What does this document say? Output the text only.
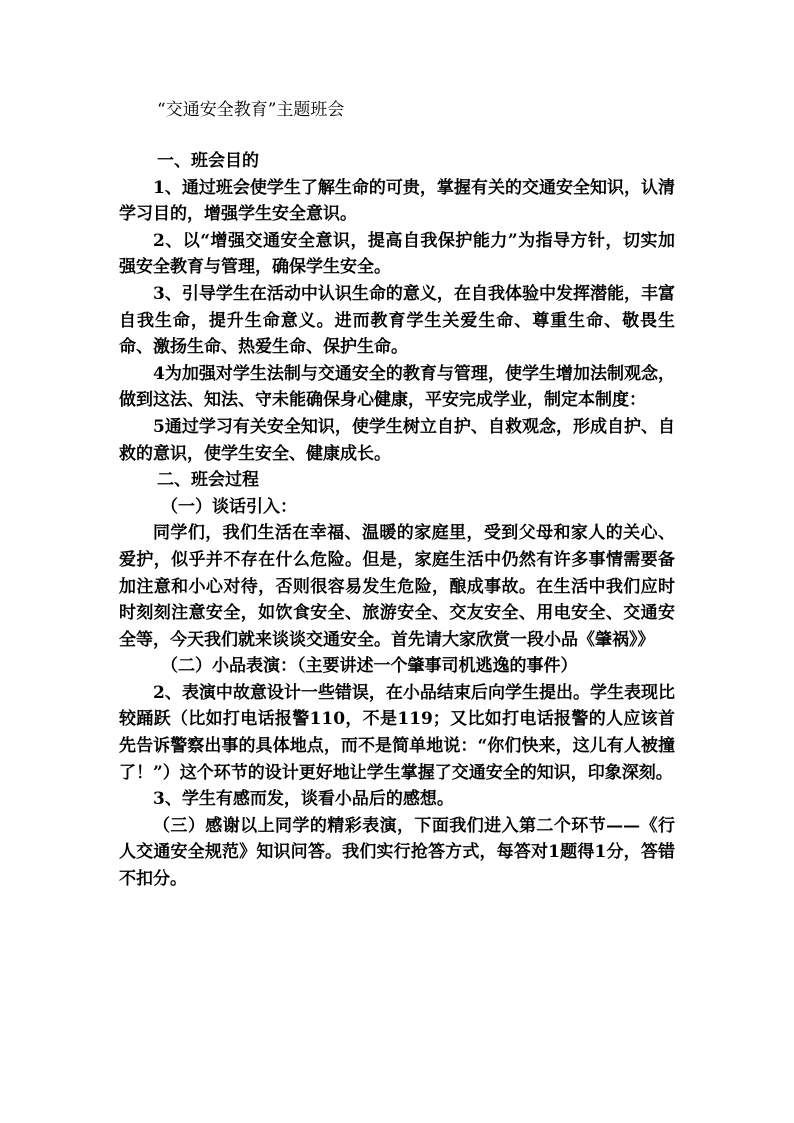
“交通安全教育”主题班会

一、班会目的

1、通过班会使学生了解生命的可贵，掌握有关的交通安全知识，认清学习目的，增强学生安全意识。

2、以“增强交通安全意识，提高自我保护能力”为指导方针，切实加强安全教育与管理，确保学生安全。

3、引导学生在活动中认识生命的意义，在自我体验中发挥潜能，丰富自我生命，提升生命意义。进而教育学生关爱生命、尊重生命、敬畏生命、激扬生命、热爱生命、保护生命。

4为加强对学生法制与交通安全的教育与管理，使学生增加法制观念，做到这法、知法、守未能确保身心健康，平安完成学业，制定本制度：

5通过学习有关安全知识，使学生树立自护、自救观念，形成自护、自救的意识，使学生安全、健康成长。

二、班会过程

（一）谈话引入：

同学们，我们生活在幸福、温暖的家庭里，受到父母和家人的关心、爱护，似乎并不存在什么危险。但是，家庭生活中仍然有许多事情需要备加注意和小心对待，否则很容易发生危险，酿成事故。在生活中我们应时时刻刻注意安全，如饮食安全、旅游安全、交友安全、用电安全、交通安全等，今天我们就来谈谈交通安全。首先请大家欣赏一段小品《肇祸》》

（二）小品表演：（主要讲述一个肇事司机逃逸的事件）

2、表演中故意设计一些错误，在小品结束后向学生提出。学生表现比较踊跃（比如打电话报警110，不是119；又比如打电话报警的人应该首先告诉警察出事的具体地点，而不是简单地说：“你们快来，这儿有人被撞了！”）这个环节的设计更好地让学生掌握了交通安全的知识，印象深刻。

3、学生有感而发，谈看小品后的感想。

（三）感谢以上同学的精彩表演，下面我们进入第二个环节——《行人交通安全规范》知识问答。我们实行抢答方式，每答对1题得1分，答错不扣分。
